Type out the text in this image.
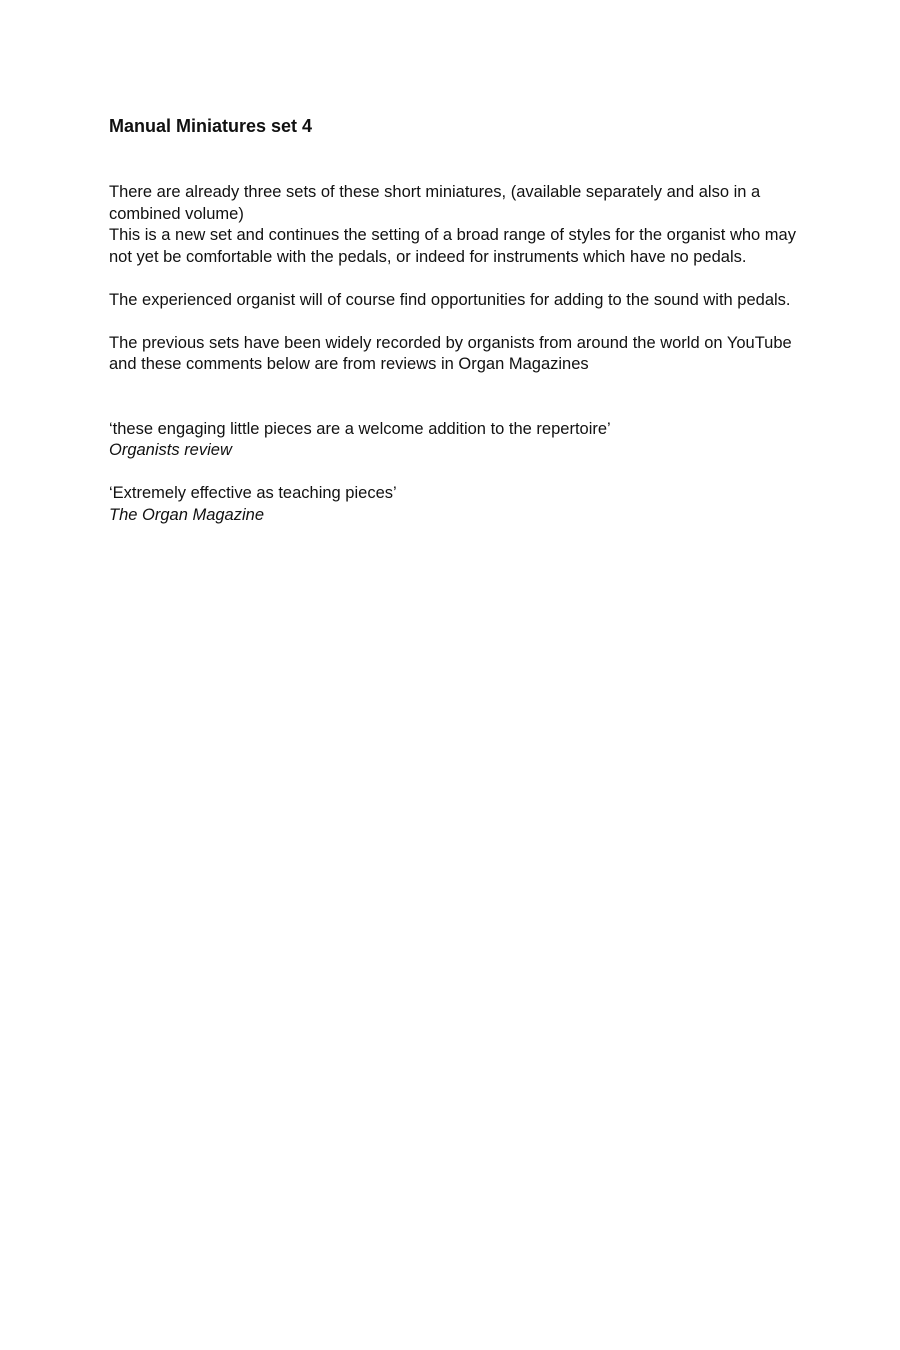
Manual Miniatures set 4
There are already three sets of these short miniatures, (available separately and also in a
combined volume)
This is a new set and continues the setting of a broad range of styles for the organist who may
not yet be comfortable with the pedals, or indeed for instruments which have no pedals.
The experienced organist will of course find opportunities for adding to the sound with pedals.
The previous sets have been widely recorded by organists from around the world on YouTube
and these comments below are from reviews in Organ Magazines
‘these engaging little pieces are a welcome addition to the repertoire’
Organists review
‘Extremely effective as teaching pieces’
The Organ Magazine
